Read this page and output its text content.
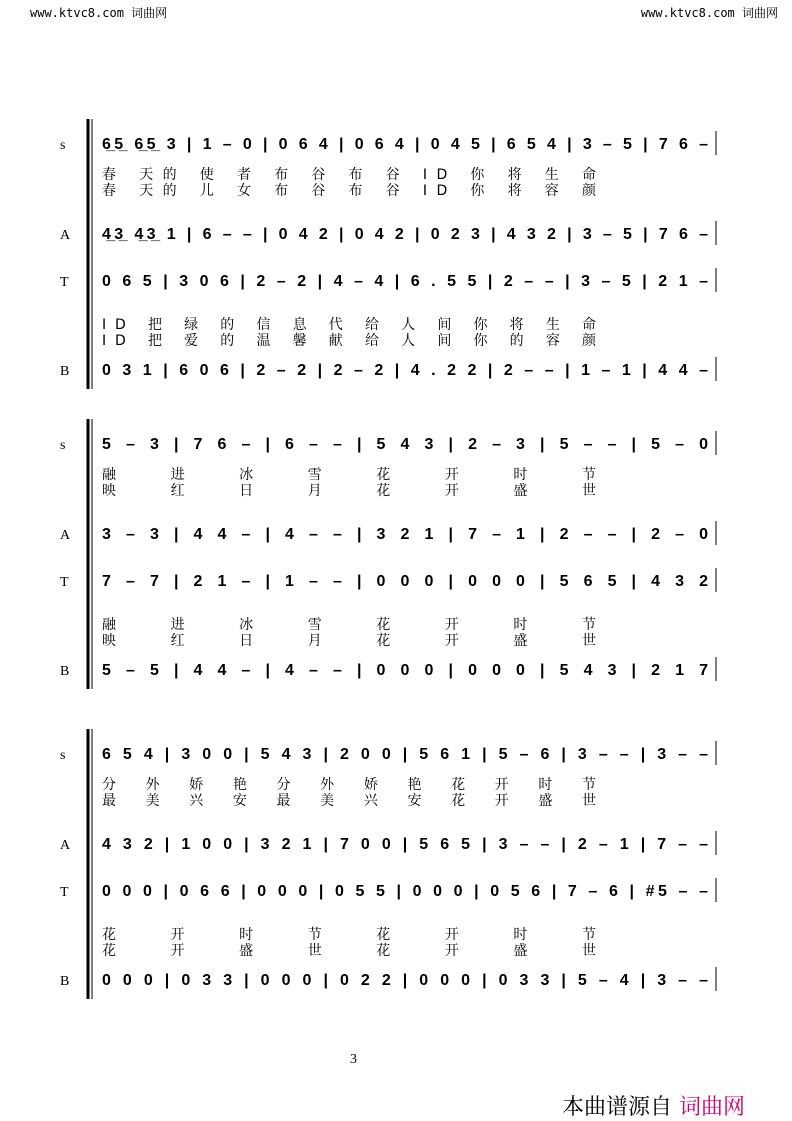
www.ktvc8.com 词曲网	www.ktvc8.com 词曲网
s 6̲5̲ 6̲5̲ 3 | 1 – 0 | 0 6 4 | 0 6 4 | 0 4 5 | 6 5 4 | 3 – 5 | 7 6 –
春 天的 使 者 布 谷 布 谷 ID 你 将 生 命
春 天的 儿 女 布 谷 布 谷 ID 你 将 容 颜
A 4̲3̲ 4̲3̲ 1 | 6 – – | 0 4 2 | 0 4 2 | 0 2 3 | 4 3 2 | 3 – 5 | 7 6 –
T 0 6 5 | 3 0 6 | 2 – 2 | 4 – 4 | 6 . 5 5 | 2 – – | 3 – 5 | 2 1 –
ID 把 绿 的 信 息 代 给 人 间 你 将 生 命
ID 把 爱 的 温 馨 献 给 人 间 你 的 容 颜
B 0 3 1 | 6 0 6 | 2 – 2 | 2 – 2 | 4 . 2 2 | 2 – – | 1 – 1 | 4 4 –
s 5 – 3 | 7 6 – | 6 – – | 5 4 3 | 2 – 3 | 5 – – | 5 – 0
融 进 冰 雪 花 开 时 节
映 红 日 月 花 开 盛 世
A 3 – 3 | 4 4 – | 4 – – | 3 2 1 | 7 – 1 | 2 – – | 2 – 0
T 7 – 7 | 2 1 – | 1 – – | 0 0 0 | 0 0 0 | 5 6 5 | 4 3 2
融 进 冰 雪 花 开 时 节
映 红 日 月 花 开 盛 世
B 5 – 5 | 4 4 – | 4 – – | 0 0 0 | 0 0 0 | 5 4 3 | 2 1 7
s 6 5 4 | 3 0 0 | 5 4 3 | 2 0 0 | 5 6 1 | 5 – 6 | 3 – – | 3 – –
分 外 娇 艳 分 外 娇 艳 花 开 时 节
最 美 兴 安 最 美 兴 安 花 开 盛 世
A 4 3 2 | 1 0 0 | 3 2 1 | 7 0 0 | 5 6 5 | 3 – – | 2 – 1 | 7 – –
T 0 0 0 | 0 6 6 | 0 0 0 | 0 5 5 | 0 0 0 | 0 5 6 | 7 – 6 | #5 – –
花 开 时 节 花 开 时 节
花 开 盛 世 花 开 盛 世
B 0 0 0 | 0 3 3 | 0 0 0 | 0 2 2 | 0 0 0 | 0 3 3 | 5 – 4 | 3 – –
3
本曲谱源自 词曲网
